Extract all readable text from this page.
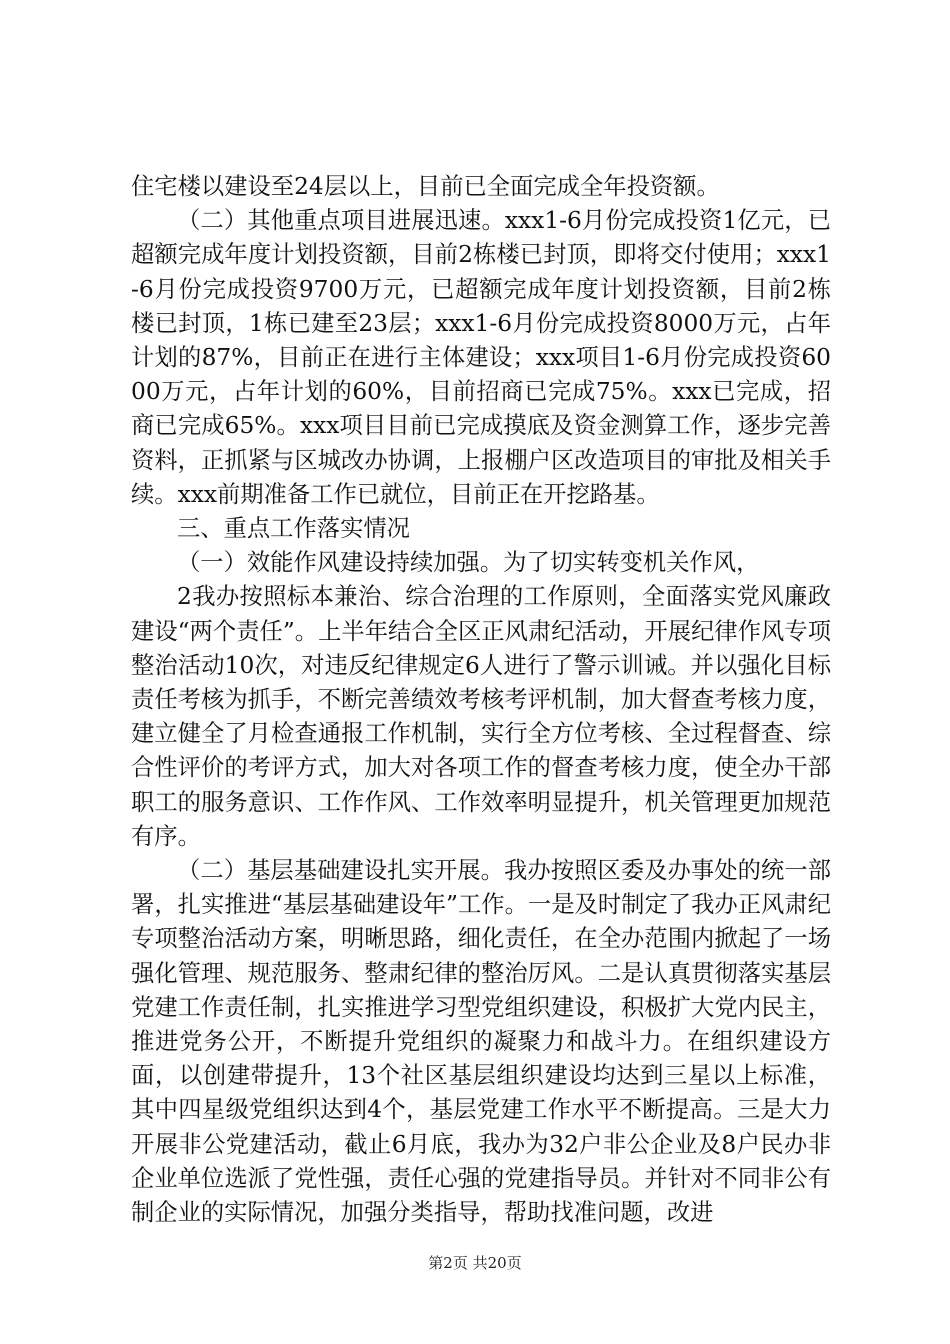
住宅楼以建设至24层以上，目前已全面完成全年投资额。

（二）其他重点项目进展迅速。xxx1-6月份完成投资1亿元，已超额完成年度计划投资额，目前2栋楼已封顶，即将交付使用；xxx1-6月份完成投资9700万元，已超额完成年度计划投资额，目前2栋楼已封顶，1栋已建至23层；xxx1-6月份完成投资8000万元，占年计划的87%，目前正在进行主体建设；xxx项目1-6月份完成投资6000万元，占年计划的60%，目前招商已完成75%。xxx已完成，招商已完成65%。xxx项目目前已完成摸底及资金测算工作，逐步完善资料，正抓紧与区城改办协调，上报棚户区改造项目的审批及相关手续。xxx前期准备工作已就位，目前正在开挖路基。

三、重点工作落实情况

（一）效能作风建设持续加强。为了切实转变机关作风，

2我办按照标本兼治、综合治理的工作原则，全面落实党风廉政建设“两个责任”。上半年结合全区正风肃纪活动，开展纪律作风专项整治活动10次，对违反纪律规定6人进行了警示训诫。并以强化目标责任考核为抓手，不断完善绩效考核考评机制，加大督查考核力度，建立健全了月检查通报工作机制，实行全方位考核、全过程督查、综合性评价的考评方式，加大对各项工作的督查考核力度，使全办干部职工的服务意识、工作作风、工作效率明显提升，机关管理更加规范有序。

（二）基层基础建设扎实开展。我办按照区委及办事处的统一部署，扎实推进“基层基础建设年”工作。一是及时制定了我办正风肃纪专项整治活动方案，明晰思路，细化责任，在全办范围内掀起了一场强化管理、规范服务、整肃纪律的整治厉风。二是认真贯彻落实基层党建工作责任制，扎实推进学习型党组织建设，积极扩大党内民主，推进党务公开，不断提升党组织的凝聚力和战斗力。在组织建设方面，以创建带提升，13个社区基层组织建设均达到三星以上标准，其中四星级党组织达到4个，基层党建工作水平不断提高。三是大力开展非公党建活动，截止6月底，我办为32户非公企业及8户民办非企业单位选派了党性强，责任心强的党建指导员。并针对不同非公有制企业的实际情况，加强分类指导，帮助找准问题，改进

第2页 共20页
